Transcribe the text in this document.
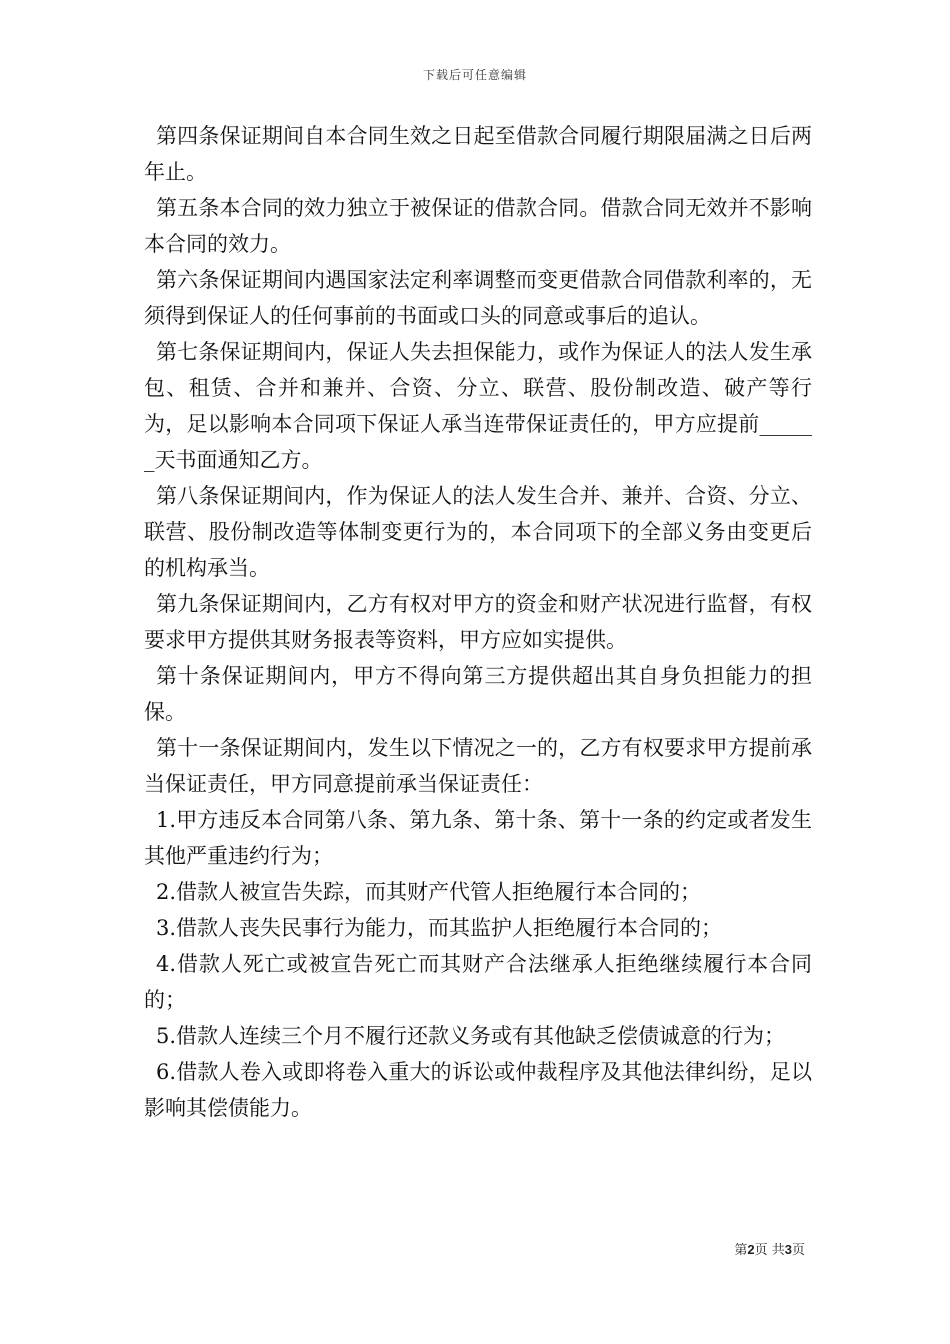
下载后可任意编辑

第四条保证期间自本合同生效之日起至借款合同履行期限届满之日后两年止。

第五条本合同的效力独立于被保证的借款合同。借款合同无效并不影响本合同的效力。

第六条保证期间内遇国家法定利率调整而变更借款合同借款利率的，无须得到保证人的任何事前的书面或口头的同意或事后的追认。

第七条保证期间内，保证人失去担保能力，或作为保证人的法人发生承包、租赁、合并和兼并、合资、分立、联营、股份制改造、破产等行为，足以影响本合同项下保证人承当连带保证责任的，甲方应提前______天书面通知乙方。

第八条保证期间内，作为保证人的法人发生合并、兼并、合资、分立、联营、股份制改造等体制变更行为的，本合同项下的全部义务由变更后的机构承当。

第九条保证期间内，乙方有权对甲方的资金和财产状况进行监督，有权要求甲方提供其财务报表等资料，甲方应如实提供。

第十条保证期间内，甲方不得向第三方提供超出其自身负担能力的担保。

第十一条保证期间内，发生以下情况之一的，乙方有权要求甲方提前承当保证责任，甲方同意提前承当保证责任：

1.甲方违反本合同第八条、第九条、第十条、第十一条的约定或者发生其他严重违约行为；

2.借款人被宣告失踪，而其财产代管人拒绝履行本合同的；

3.借款人丧失民事行为能力，而其监护人拒绝履行本合同的；

4.借款人死亡或被宣告死亡而其财产合法继承人拒绝继续履行本合同的；

5.借款人连续三个月不履行还款义务或有其他缺乏偿债诚意的行为；

6.借款人卷入或即将卷入重大的诉讼或仲裁程序及其他法律纠纷，足以影响其偿债能力。

第2页 共3页
